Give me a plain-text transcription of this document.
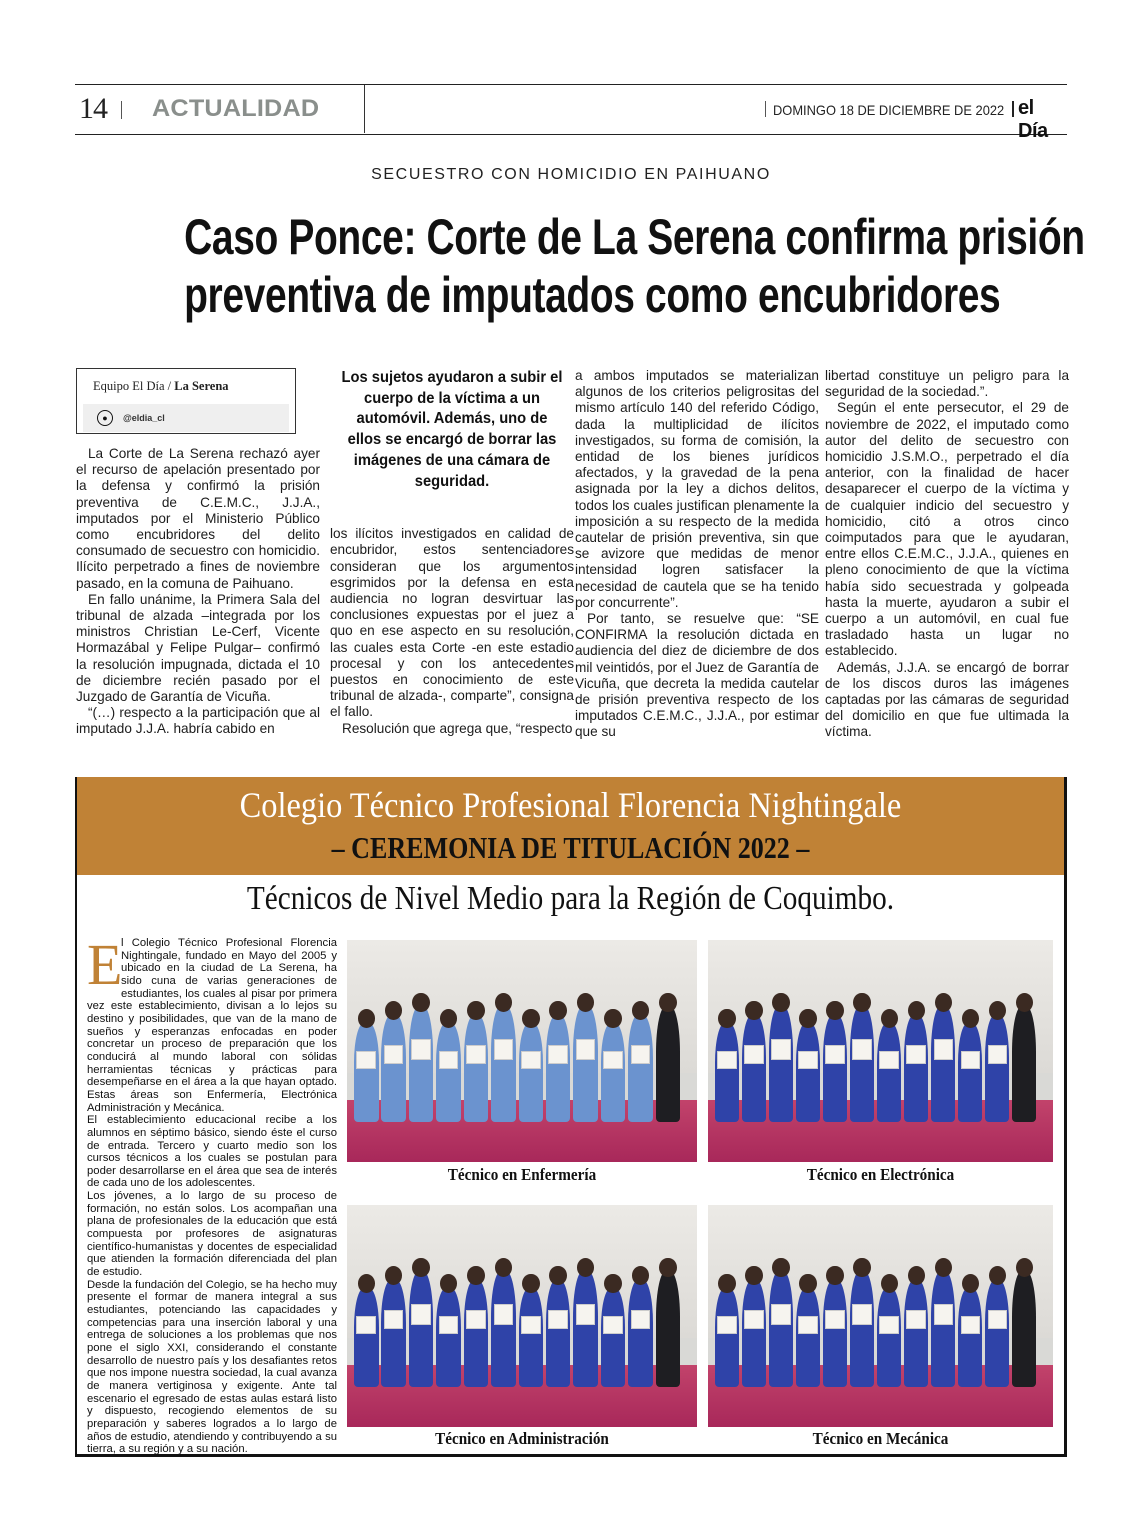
14 ACTUALIDAD	DOMINGO 18 DE DICIEMBRE DE 2022 el Día
SECUESTRO CON HOMICIDIO EN PAIHUANO
Caso Ponce: Corte de La Serena confirma prisión
preventiva de imputados como encubridores
Equipo El Día / La Serena
● @eldia_cl

La Corte de La Serena rechazó ayer el recurso de apelación presentado por la defensa y confirmó la prisión preventiva de C.E.M.C., J.J.A., imputados por el Ministerio Público como encubridores del delito consumado de secuestro con homicidio. Ilícito perpetrado a fines de noviembre pasado, en la comuna de Paihuano.

En fallo unánime, la Primera Sala del tribunal de alzada –integrada por los ministros Christian Le-Cerf, Vicente Hormazábal y Felipe Pulgar– confirmó la resolución impugnada, dictada el 10 de diciembre recién pasado por el Juzgado de Garantía de Vicuña.

“(…) respecto a la participación que al imputado J.J.A. habría cabido en

Los sujetos ayudaron a subir el cuerpo de la víctima a un automóvil. Además, uno de ellos se encargó de borrar las imágenes de una cámara de seguridad.

los ilícitos investigados en calidad de encubridor, estos sentenciadores consideran que los argumentos esgrimidos por la defensa en esta audiencia no logran desvirtuar las conclusiones expuestas por el juez a quo en ese aspecto en su resolución, las cuales esta Corte -en este estadio procesal y con los antecedentes puestos en conocimiento de este tribunal de alzada-, comparte”, consigna el fallo.

Resolución que agrega que, “respecto

a ambos imputados se materializan algunos de los criterios peligrositas del mismo artículo 140 del referido Código, dada la multiplicidad de ilícitos investigados, su forma de comisión, la entidad de los bienes jurídicos afectados, y la gravedad de la pena asignada por la ley a dichos delitos, todos los cuales justifican plenamente la imposición a su respecto de la medida cautelar de prisión preventiva, sin que se avizore que medidas de menor intensidad logren satisfacer la necesidad de cautela que se ha tenido por concurrente”.

Por tanto, se resuelve que: “SE CONFIRMA la resolución dictada en audiencia del diez de diciembre de dos mil veintidós, por el Juez de Garantía de Vicuña, que decreta la medida cautelar de prisión preventiva respecto de los imputados C.E.M.C., J.J.A., por estimar que su

libertad constituye un peligro para la seguridad de la sociedad.”.

Según el ente persecutor, el 29 de noviembre de 2022, el imputado como autor del delito de secuestro con homicidio J.S.M.O., perpetrado el día anterior, con la finalidad de hacer desaparecer el cuerpo de la víctima y de cualquier indicio del secuestro y homicidio, citó a otros cinco coimputados para que le ayudaran, entre ellos C.E.M.C., J.J.A., quienes en pleno conocimiento de que la víctima había sido secuestrada y golpeada hasta la muerte, ayudaron a subir el cuerpo a un automóvil, en cual fue trasladado hasta un lugar no establecido.

Además, J.J.A. se encargó de borrar de los discos duros las imágenes captadas por las cámaras de seguridad del domicilio en que fue ultimada la víctima.

Colegio Técnico Profesional Florencia Nightingale
– CEREMONIA DE TITULACIÓN 2022 –
Técnicos de Nivel Medio para la Región de Coquimbo.

E
l Colegio Técnico Profesional Florencia Nightingale, fundado en Mayo del 2005 y ubicado en la ciudad de La Serena, ha sido cuna de varias generaciones de estudiantes, los cuales al pisar por primera vez este establecimiento, divisan a lo lejos su destino y posibilidades, que van de la mano de sueños y esperanzas enfocadas en poder concretar un proceso de preparación que los conducirá al mundo laboral con sólidas herramientas técnicas y prácticas para desempeñarse en el área a la que hayan optado. Estas áreas son Enfermería, Electrónica Administración y Mecánica.

El establecimiento educacional recibe a los alumnos en séptimo básico, siendo éste el curso de entrada. Tercero y cuarto medio son los cursos técnicos a los cuales se postulan para poder desarrollarse en el área que sea de interés de cada uno de los adolescentes.

Los jóvenes, a lo largo de su proceso de formación, no están solos. Los acompañan una plana de profesionales de la educación que está compuesta por profesores de asignaturas científico-humanistas y docentes de especialidad que atienden la formación diferenciada del plan de estudio.

Desde la fundación del Colegio, se ha hecho muy presente el formar de manera integral a sus estudiantes, potenciando las capacidades y competencias para una inserción laboral y una entrega de soluciones a los problemas que nos pone el siglo XXI, considerando el constante desarrollo de nuestro país y los desafiantes retos que nos impone nuestra sociedad, la cual avanza de manera vertiginosa y exigente. Ante tal escenario el egresado de estas aulas estará listo y dispuesto, recogiendo elementos de su preparación y saberes logrados a lo largo de años de estudio, atendiendo y contribuyendo a su tierra, a su región y a su nación.

Técnico en Enfermería	Técnico en Electrónica
Técnico en Administración	Técnico en Mecánica
